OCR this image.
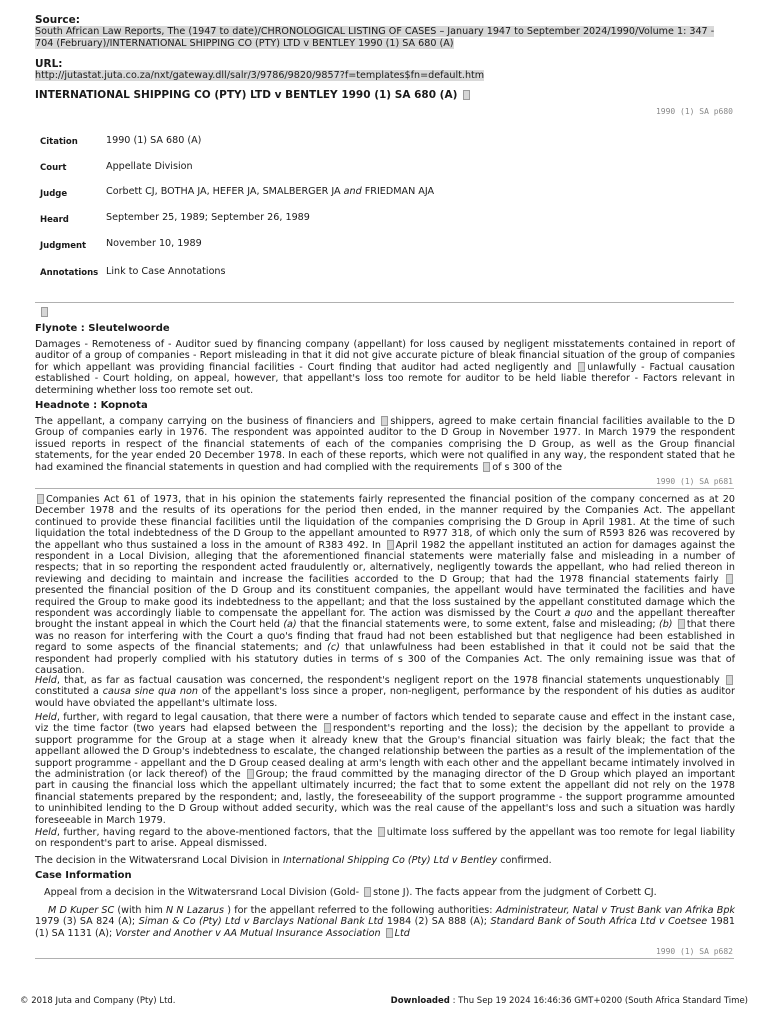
Source:
South African Law Reports, The (1947 to date)/CHRONOLOGICAL LISTING OF CASES – January 1947 to September 2024/1990/Volume 1: 347 - 704 (February)/INTERNATIONAL SHIPPING CO (PTY) LTD v BENTLEY 1990 (1) SA 680 (A)
URL:
http://jutastat.juta.co.za/nxt/gateway.dll/salr/3/9786/9820/9857?f=templates$fn=default.htm
INTERNATIONAL SHIPPING CO (PTY) LTD v BENTLEY 1990 (1) SA 680 (A)
1990 (1) SA p680
Citation	1990 (1) SA 680 (A)
Court	Appellate Division
Judge	Corbett CJ, BOTHA JA, HEFER JA, SMALBERGER JA and FRIEDMAN AJA
Heard	September 25, 1989; September 26, 1989
Judgment November 10, 1989
Annotations Link to Case Annotations
Flynote : Sleutelwoorde

Damages - Remoteness of - Auditor sued by financing company (appellant) for loss caused by negligent misstatements contained in report of auditor of a group of companies - Report misleading in that it did not give accurate picture of bleak financial situation of the group of companies for which appellant was providing financial facilities - Court finding that auditor had acted negligently and unlawfully - Factual causation established - Court holding, on appeal, however, that appellant's loss too remote for auditor to be held liable therefor - Factors relevant in determining whether loss too remote set out.

Headnote : Kopnota

The appellant, a company carrying on the business of financiers and shippers, agreed to make certain financial facilities available to the D Group of companies early in 1976. The respondent was appointed auditor to the D Group in November 1977. In March 1979 the respondent issued reports in respect of the financial statements of each of the companies comprising the D Group, as well as the Group financial statements, for the year ended 20 December 1978. In each of these reports, which were not qualified in any way, the respondent stated that he had examined the financial statements in question and had complied with the requirements of s 300 of the

1990 (1) SA p681

Companies Act 61 of 1973, that in his opinion the statements fairly represented the financial position of the company concerned as at 20 December 1978 and the results of its operations for the period then ended, in the manner required by the Companies Act. The appellant continued to provide these financial facilities until the liquidation of the companies comprising the D Group in April 1981. At the time of such liquidation the total indebtedness of the D Group to the appellant amounted to R977 318, of which only the sum of R593 826 was recovered by the appellant who thus sustained a loss in the amount of R383 492. In April 1982 the appellant instituted an action for damages against the respondent in a Local Division, alleging that the aforementioned financial statements were materially false and misleading in a number of respects; that in so reporting the respondent acted fraudulently or, alternatively, negligently towards the appellant, who had relied thereon in reviewing and deciding to maintain and increase the facilities accorded to the D Group; that had the 1978 financial statements fairly presented the financial position of the D Group and its constituent companies, the appellant would have terminated the facilities and have required the Group to make good its indebtedness to the appellant; and that the loss sustained by the appellant constituted damage which the respondent was accordingly liable to compensate the appellant for. The action was dismissed by the Court a quo and the appellant thereafter brought the instant appeal in which the Court held (a) that the financial statements were, to some extent, false and misleading; (b) that there was no reason for interfering with the Court a quo's finding that fraud had not been established but that negligence had been established in regard to some aspects of the financial statements; and (c) that unlawfulness had been established in that it could not be said that the respondent had properly complied with his statutory duties in terms of s 300 of the Companies Act. The only remaining issue was that of causation.

Held, that, as far as factual causation was concerned, the respondent's negligent report on the 1978 financial statements unquestionably  constituted a causa sine qua non of the appellant's loss since a proper, non-negligent, performance by the respondent of his duties as auditor would have obviated the appellant's ultimate loss.

Held, further, with regard to legal causation, that there were a number of factors which tended to separate cause and effect in the instant case, viz the time factor (two years had elapsed between the respondent's reporting and the loss); the decision by the appellant to provide a support programme for the Group at a stage when it already knew that the Group's financial situation was fairly bleak; the fact that the appellant allowed the D Group's indebtedness to escalate, the changed relationship between the parties as a result of the implementation of the support programme - appellant and the D Group ceased dealing at arm's length with each other and the appellant became intimately involved in the administration (or lack thereof) of the Group; the fraud committed by the managing director of the D Group which played an important part in causing the financial loss which the appellant ultimately incurred; the fact that to some extent the appellant did not rely on the 1978 financial statements prepared by the respondent; and, lastly, the foreseeability of the support programme - the support programme amounted to uninhibited lending to the D Group without added security, which was the real cause of the appellant's loss and such a situation was hardly foreseeable in March 1979.

Held, further, having regard to the above-mentioned factors, that the ultimate loss suffered by the appellant was too remote for legal liability on respondent's part to arise. Appeal dismissed.

The decision in the Witwatersrand Local Division in International Shipping Co (Pty) Ltd v Bentley confirmed.

Case Information

Appeal from a decision in the Witwatersrand Local Division (Gold- stone J). The facts appear from the judgment of Corbett CJ.

M D Kuper SC (with him N N Lazarus ) for the appellant referred to the following authorities: Administrateur, Natal v Trust Bank van Afrika Bpk 1979 (3) SA 824 (A); Siman & Co (Pty) Ltd v Barclays National Bank Ltd 1984 (2) SA 888 (A); Standard Bank of South Africa Ltd v Coetsee 1981 (1) SA 1131 (A); Vorster and Another v AA Mutual Insurance Association Ltd

1990 (1) SA p682
© 2018 Juta and Company (Pty) Ltd.	Downloaded : Thu Sep 19 2024 16:46:36 GMT+0200 (South Africa Standard Time)
